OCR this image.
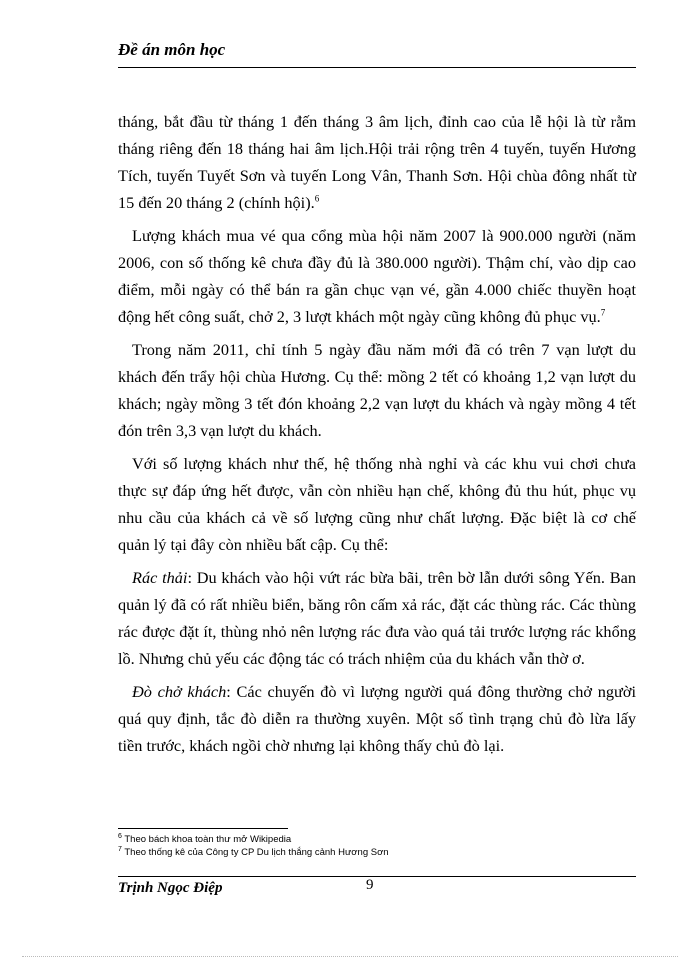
Đề án môn học

tháng, bắt đầu từ tháng 1 đến tháng 3 âm lịch, đỉnh cao của lễ hội là từ rằm tháng riêng đến 18 tháng hai âm lịch.Hội trải rộng trên 4 tuyến, tuyến Hương Tích, tuyến Tuyết Sơn và tuyến Long Vân, Thanh Sơn. Hội chùa đông nhất từ 15 đến 20 tháng 2 (chính hội).$^6$

Lượng khách mua vé qua cổng mùa hội năm 2007 là 900.000 người (năm 2006, con số thống kê chưa đầy đủ là 380.000 người). Thậm chí, vào dịp cao điểm, mỗi ngày có thể bán ra gần chục vạn vé, gần 4.000 chiếc thuyền hoạt động hết công suất, chở 2, 3 lượt khách một ngày cũng không đủ phục vụ.$^7$

Trong năm 2011, chỉ tính 5 ngày đầu năm mới đã có trên 7 vạn lượt du khách đến trẩy hội chùa Hương. Cụ thể: mồng 2 tết có khoảng 1,2 vạn lượt du khách; ngày mồng 3 tết đón khoảng 2,2 vạn lượt du khách và ngày mồng 4 tết đón trên 3,3 vạn lượt du khách.

Với số lượng khách như thế, hệ thống nhà nghỉ và các khu vui chơi chưa thực sự đáp ứng hết được, vẫn còn nhiều hạn chế, không đủ thu hút, phục vụ nhu cầu của khách cả về số lượng cũng như chất lượng. Đặc biệt là cơ chế quản lý tại đây còn nhiều bất cập. Cụ thể:

Rác thải: Du khách vào hội vứt rác bừa bãi, trên bờ lẫn dưới sông Yến. Ban quản lý đã có rất nhiều biển, băng rôn cấm xả rác, đặt các thùng rác. Các thùng rác được đặt ít, thùng nhỏ nên lượng rác đưa vào quá tải trước lượng rác khổng lồ. Nhưng chủ yếu các động tác có trách nhiệm của du khách vẫn thờ ơ.

Đò chở khách: Các chuyến đò vì lượng người quá đông thường chở người quá quy định, tắc đò diễn ra thường xuyên. Một số tình trạng chủ đò lừa lấy tiền trước, khách ngồi chờ nhưng lại không thấy chủ đò lại.

$^6$ Theo bách khoa toàn thư mở Wikipedia
$^7$ Theo thống kê của Công ty CP Du lịch thắng cảnh Hương Sơn
Trịnh Ngọc Điệp	9
